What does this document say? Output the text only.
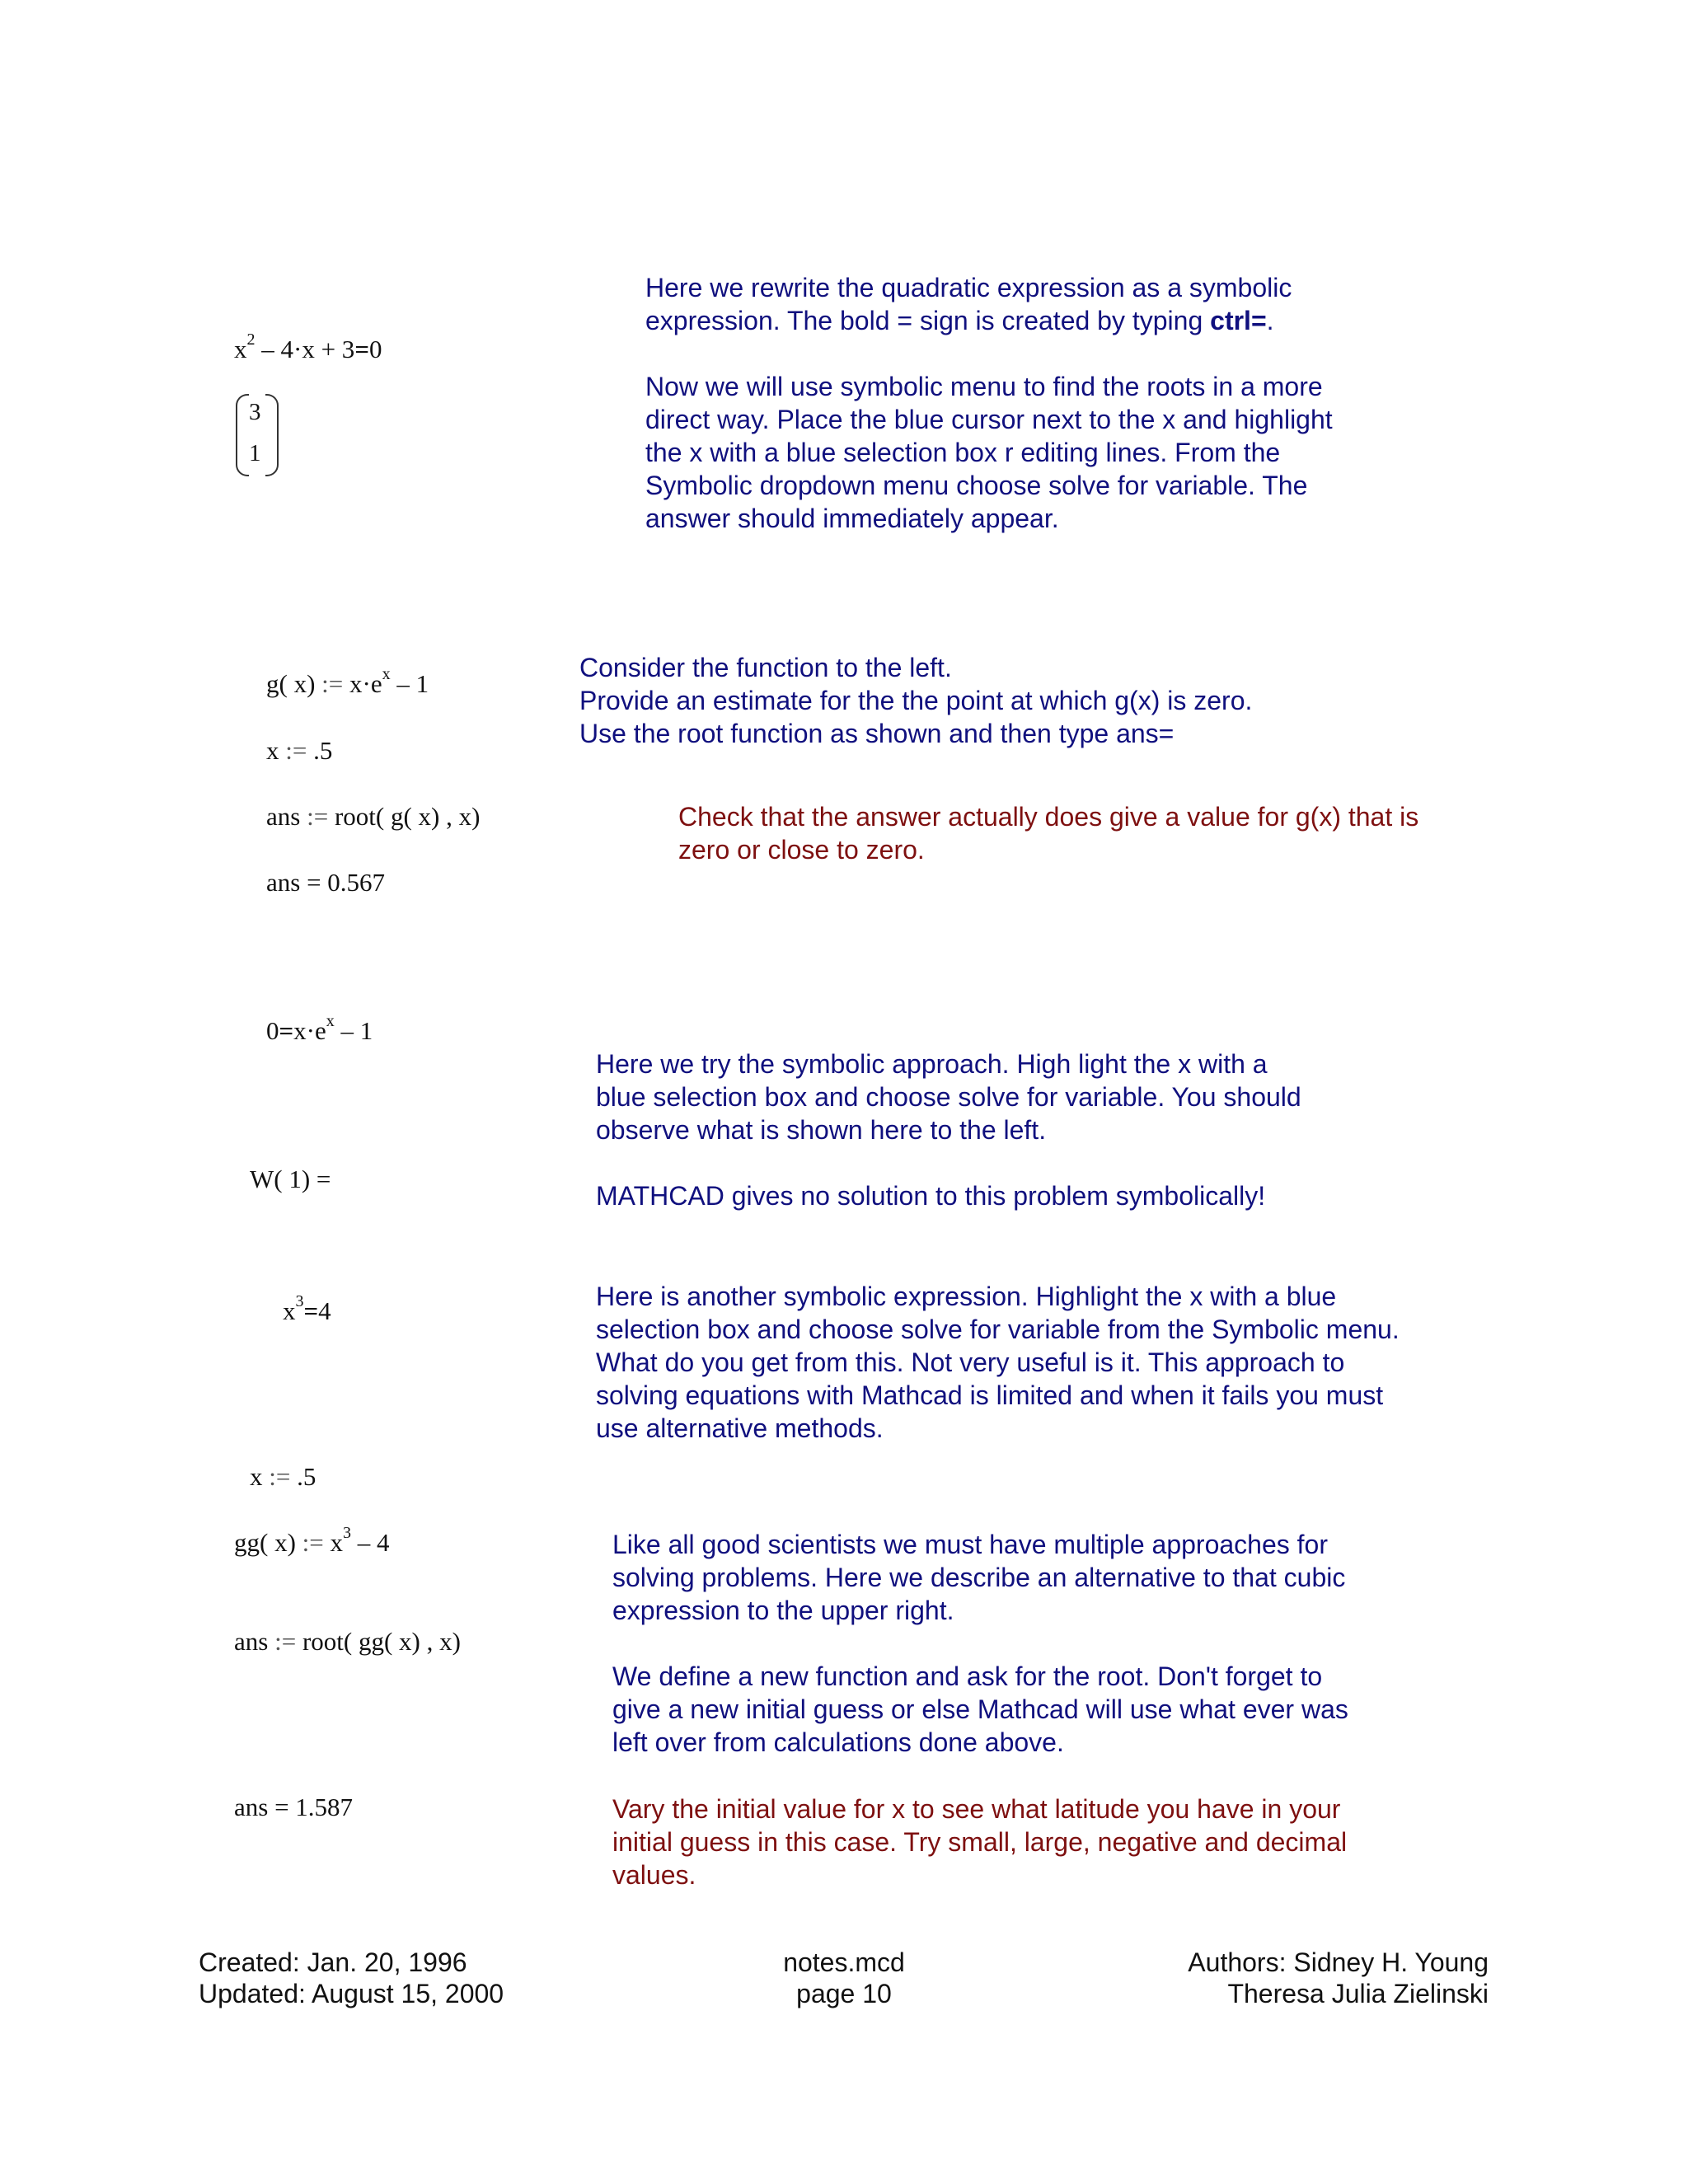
$x^2 - 4\cdot x + 3=0$
3
1

Here we rewrite the quadratic expression as a symbolic

expression. The bold = sign is created by typing ctrl=.

Now we will use symbolic menu to find the roots in a more

direct way. Place the blue cursor next to the x and highlight

the x with a blue selection box r editing lines. From the

Symbolic dropdown menu choose solve for variable. The

answer should immediately appear.

g( x) := $x\cdot e^x - 1$
x := .5
ans := root( g( x) , x)
ans = 0.567

Consider the function to the left.

Provide an estimate for the the point at which g(x) is zero.

Use the root function as shown and then type ans=

Check that the answer actually does give a value for g(x) that is

zero or close to zero.

$0=x\cdot e^x - 1$
W( 1) =

Here we try the symbolic approach. High light the x with a

blue selection box and choose solve for variable. You should

observe what is shown here to the left.

MATHCAD gives no solution to this problem symbolically!

$x^3=4$	Here is another symbolic expression. Highlight the x with a blue

selection box and choose solve for variable from the Symbolic menu.

What do you get from this. Not very useful is it. This approach to

solving equations with Mathcad is limited and when it fails you must

use alternative methods.

x := .5
gg( x) := $x^3 - 4$
ans := root( gg( x) , x)
ans = 1.587

Like all good scientists we must have multiple approaches for

solving problems. Here we describe an alternative to that cubic

expression to the upper right.

We define a new function and ask for the root. Don't forget to

give a new initial guess or else Mathcad will use what ever was

left over from calculations done above.

Vary the initial value for x to see what latitude you have in your

initial guess in this case. Try small, large, negative and decimal

values.

Created: Jan. 20, 1996

Updated: August 15, 2000

notes.mcd

page 10

Authors: Sidney H. Young

Theresa Julia Zielinski
